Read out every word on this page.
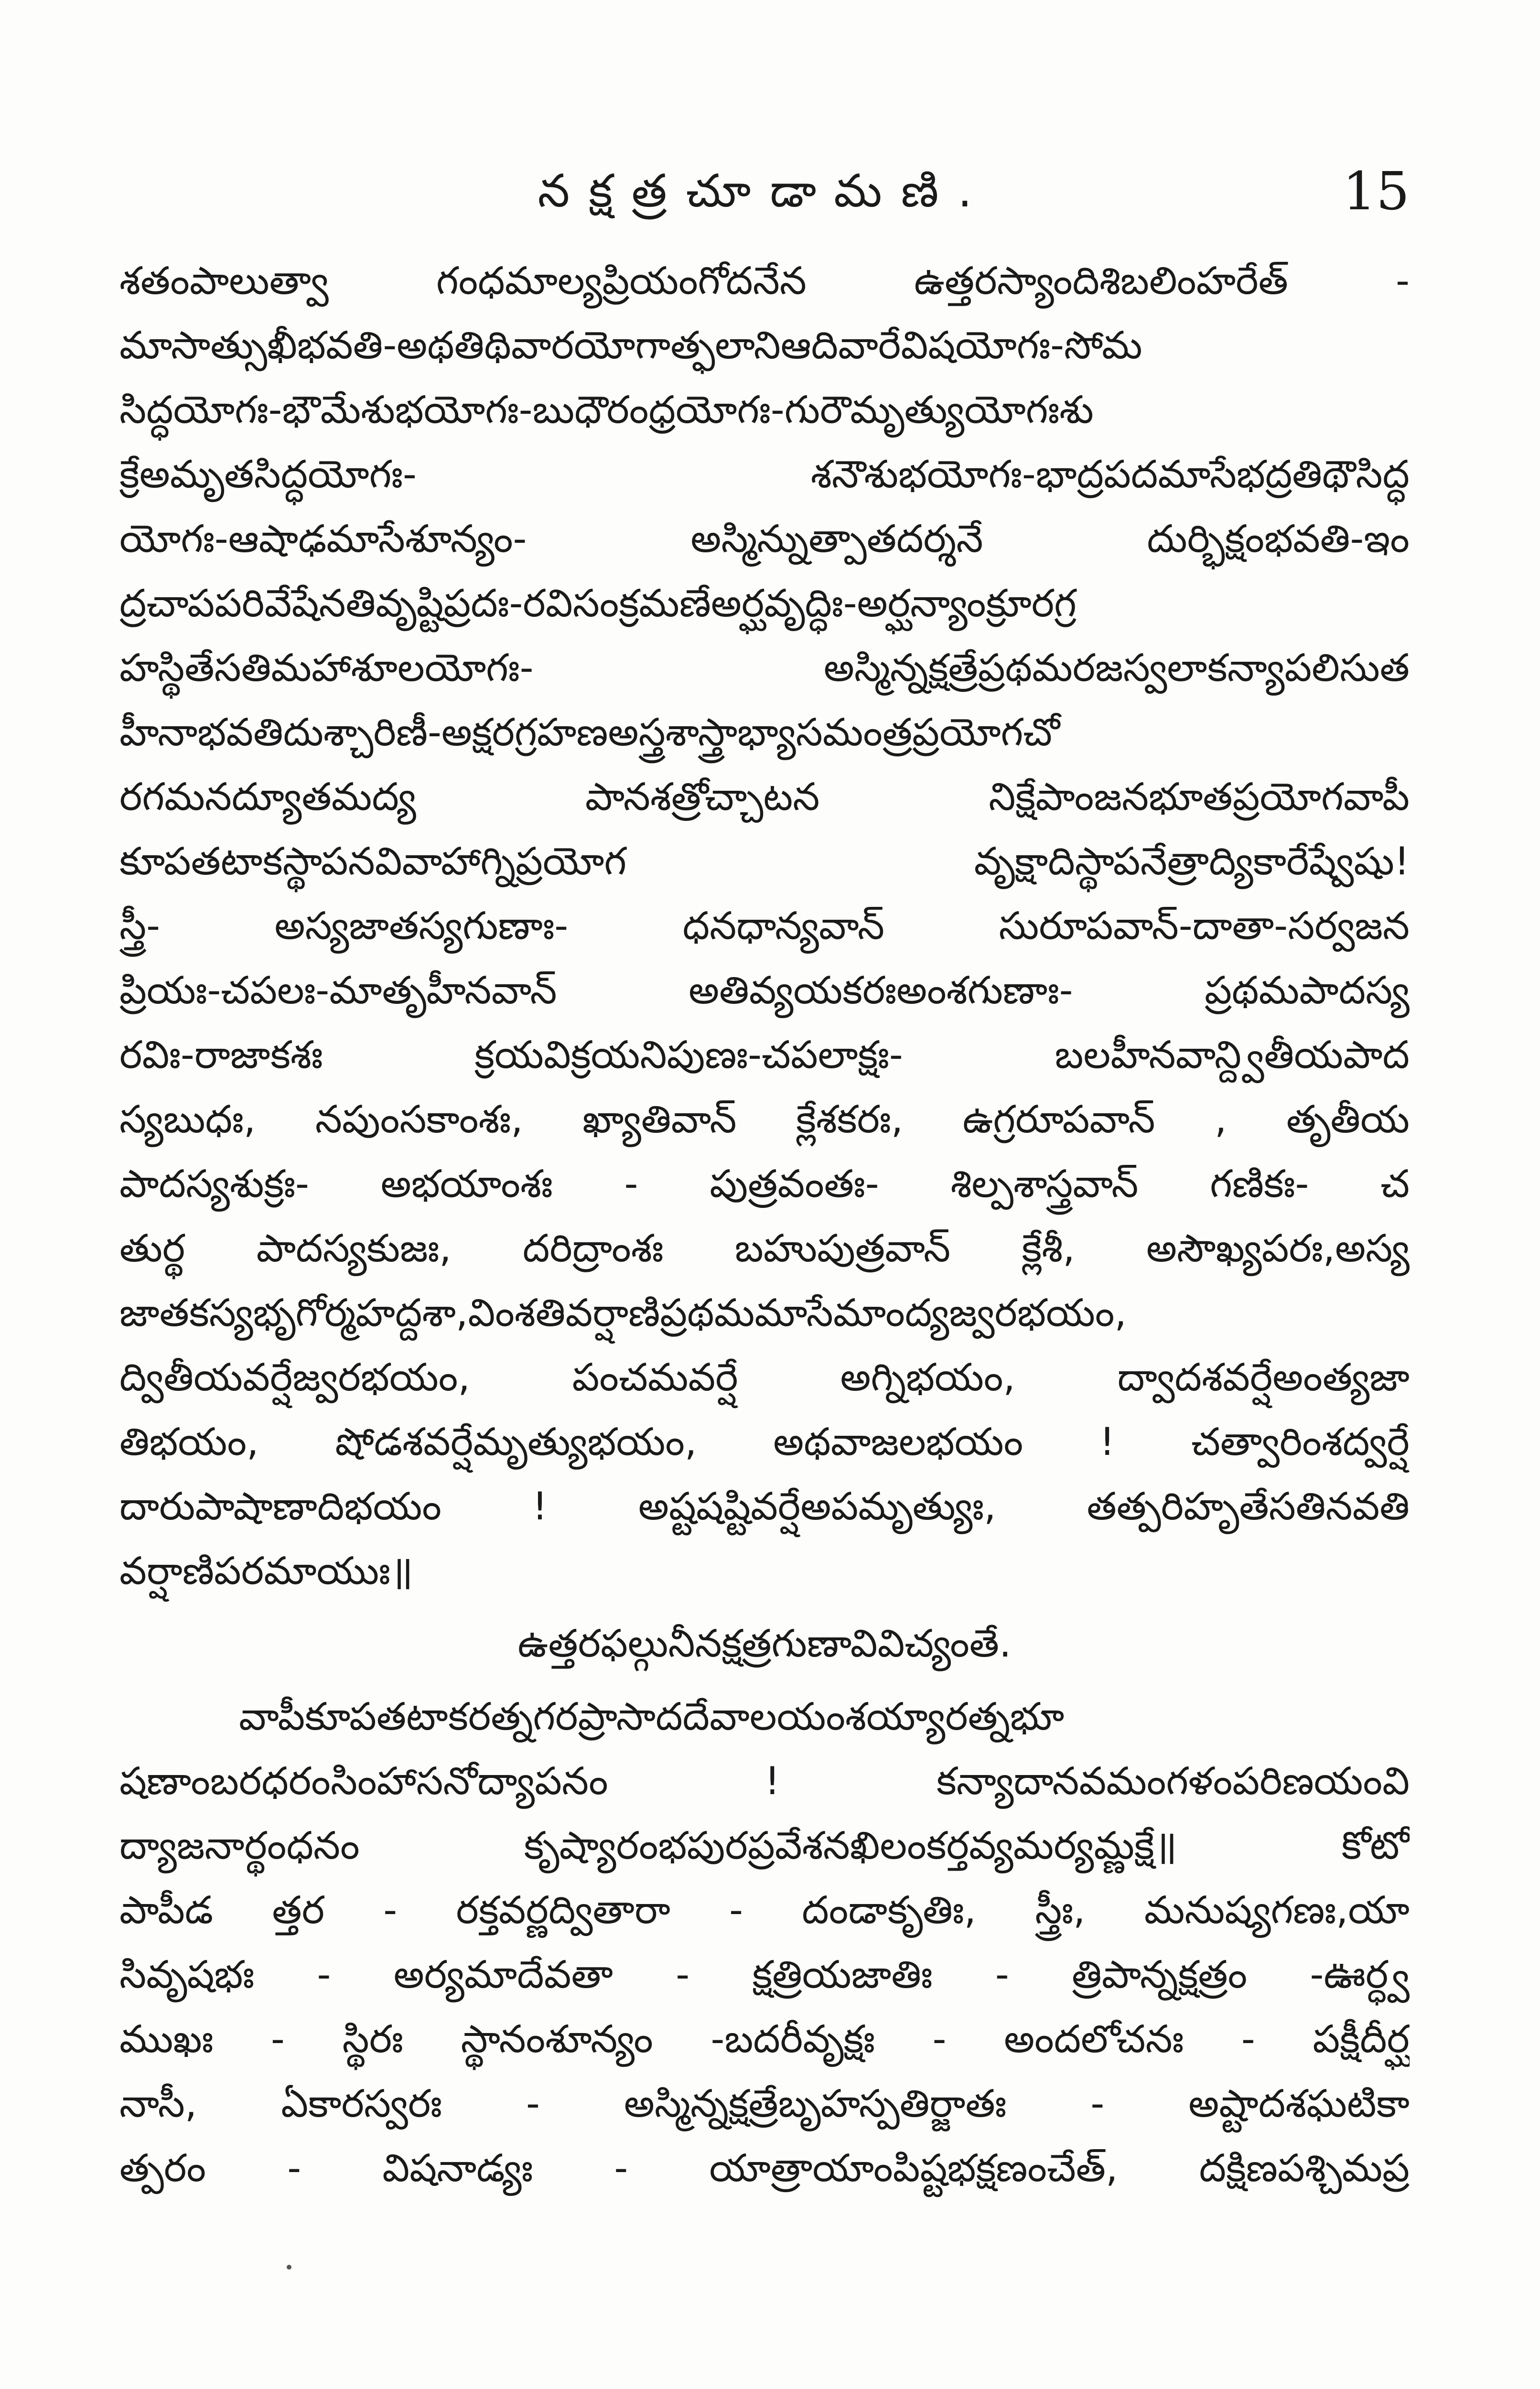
నక్షత్రచూడామణి.	15
శతంపాలుత్వా గంధమాల్యప్రియంగోదనేన ఉత్తరస్యాందిశిబలింహరేత్ -
మాసాత్సుఖీభవతి-అథతిథివారయోగాత్ఫలానిఆదివారేవిషయోగః-సోమ
సిద్ధయోగః-భౌమేశుభయోగః-బుధౌరంధ్రయోగః-గురౌమృత్యుయోగఃశు
క్రేఅమృతసిద్ధయోగః- శనౌశుభయోగః-భాద్రపదమాసేభద్రతిథౌసిద్ధ
యోగః-ఆషాఢమాసేశూన్యం- అస్మిన్నుత్పాతదర్శనే దుర్భిక్షంభవతి-ఇం
ద్రచాపపరివేషేనతివృష్టిప్రదః-రవిసంక్రమణేఅర్ఘవృద్ధిః-అర్ఘన్యాంక్రూరగ్ర
హస్థితేసతిమహాశూలయోగః- అస్మిన్నక్షత్రేప్రథమరజస్వలాకన్యాపలిసుత
హీనాభవతిదుశ్చారిణీ-అక్షరగ్రహణఅస్త్రశాస్త్రాభ్యాసమంత్రప్రయోగచో
రగమనద్యూతమద్య పానశత్రోచ్చాటన నిక్షేపాంజనభూతప్రయోగవాపీ
కూపతటాకస్థాపనవివాహాగ్నిప్రయోగ వృక్షాదిస్థాపనేత్రాద్యికారేష్వేషు!
స్త్రీ- అస్యజాతస్యగుణాః- ధనధాన్యవాన్ సురూపవాన్-దాతా-సర్వజన
ప్రియః-చపలః-మాతృహీనవాన్ అతివ్యయకరఃఅంశగుణాః- ప్రథమపాదస్య
రవిః-రాజాకశః క్రయవిక్రయనిపుణః-చపలాక్షః- బలహీనవాన్ద్వితీయపాద
స్యబుధః, నపుంసకాంశః, ఖ్యాతివాన్ క్లేశకరః, ఉగ్రరూపవాన్ , తృతీయ
పాదస్యశుక్రః- అభయాంశః - పుత్రవంతః- శిల్పశాస్త్రవాన్ గణికః- చ
తుర్థ పాదస్యకుజః, దరిద్రాంశః బహుపుత్రవాన్ క్లేశీ, అసౌఖ్యపరః,అస్య
జాతకస్యభృగోర్మహద్దశా,వింశతివర్షాణిప్రథమమాసేమాంద్యజ్వరభయం,
ద్వితీయవర్షేజ్వరభయం, పంచమవర్షే అగ్నిభయం, ద్వాదశవర్షేఅంత్యజా
తిభయం, షోడశవర్షేమృత్యుభయం, అథవాజలభయం ! చత్వారింశద్వర్షే
దారుపాషాణాదిభయం ! అష్టషష్టివర్షేఅపమృత్యుః, తత్పరిహృతేసతినవతి
వర్షాణిపరమాయుః॥
ఉత్తరఫల్గునీనక్షత్రగుణావివిచ్యంతే.
వాపీకూపతటాకరత్నగరప్రాసాదదేవాలయంశయ్యారత్నభూ
షణాంబరధరంసింహాసనోద్యాపనం ! కన్యాదానవమంగళంపరిణయంవి
ద్యాజనార్థంధనం కృష్యారంభపురప్రవేశనఖిలంకర్తవ్యమర్యమ్ణక్షే॥ కోటో
పాపీడ త్తర - రక్తవర్ణద్వితారా - దండాకృతిః, స్త్రీః, మనుష్యగణః,యా
సివృషభః - అర్యమాదేవతా - క్షత్రియజాతిః - త్రిపాన్నక్షత్రం -ఊర్ధ్వ
ముఖః - స్థిరః స్థానంశూన్యం -బదరీవృక్షః - అందలోచనః - పక్షీదీర్ఘ
నాసీ, ఏకారస్వరః - అస్మిన్నక్షత్రేబృహస్పతిర్జాతః - అష్టాదశఘటికా
త్పరం - విషనాడ్యః - యాత్రాయాంపిష్టభక్షణంచేత్, దక్షిణపశ్చిమప్ర
